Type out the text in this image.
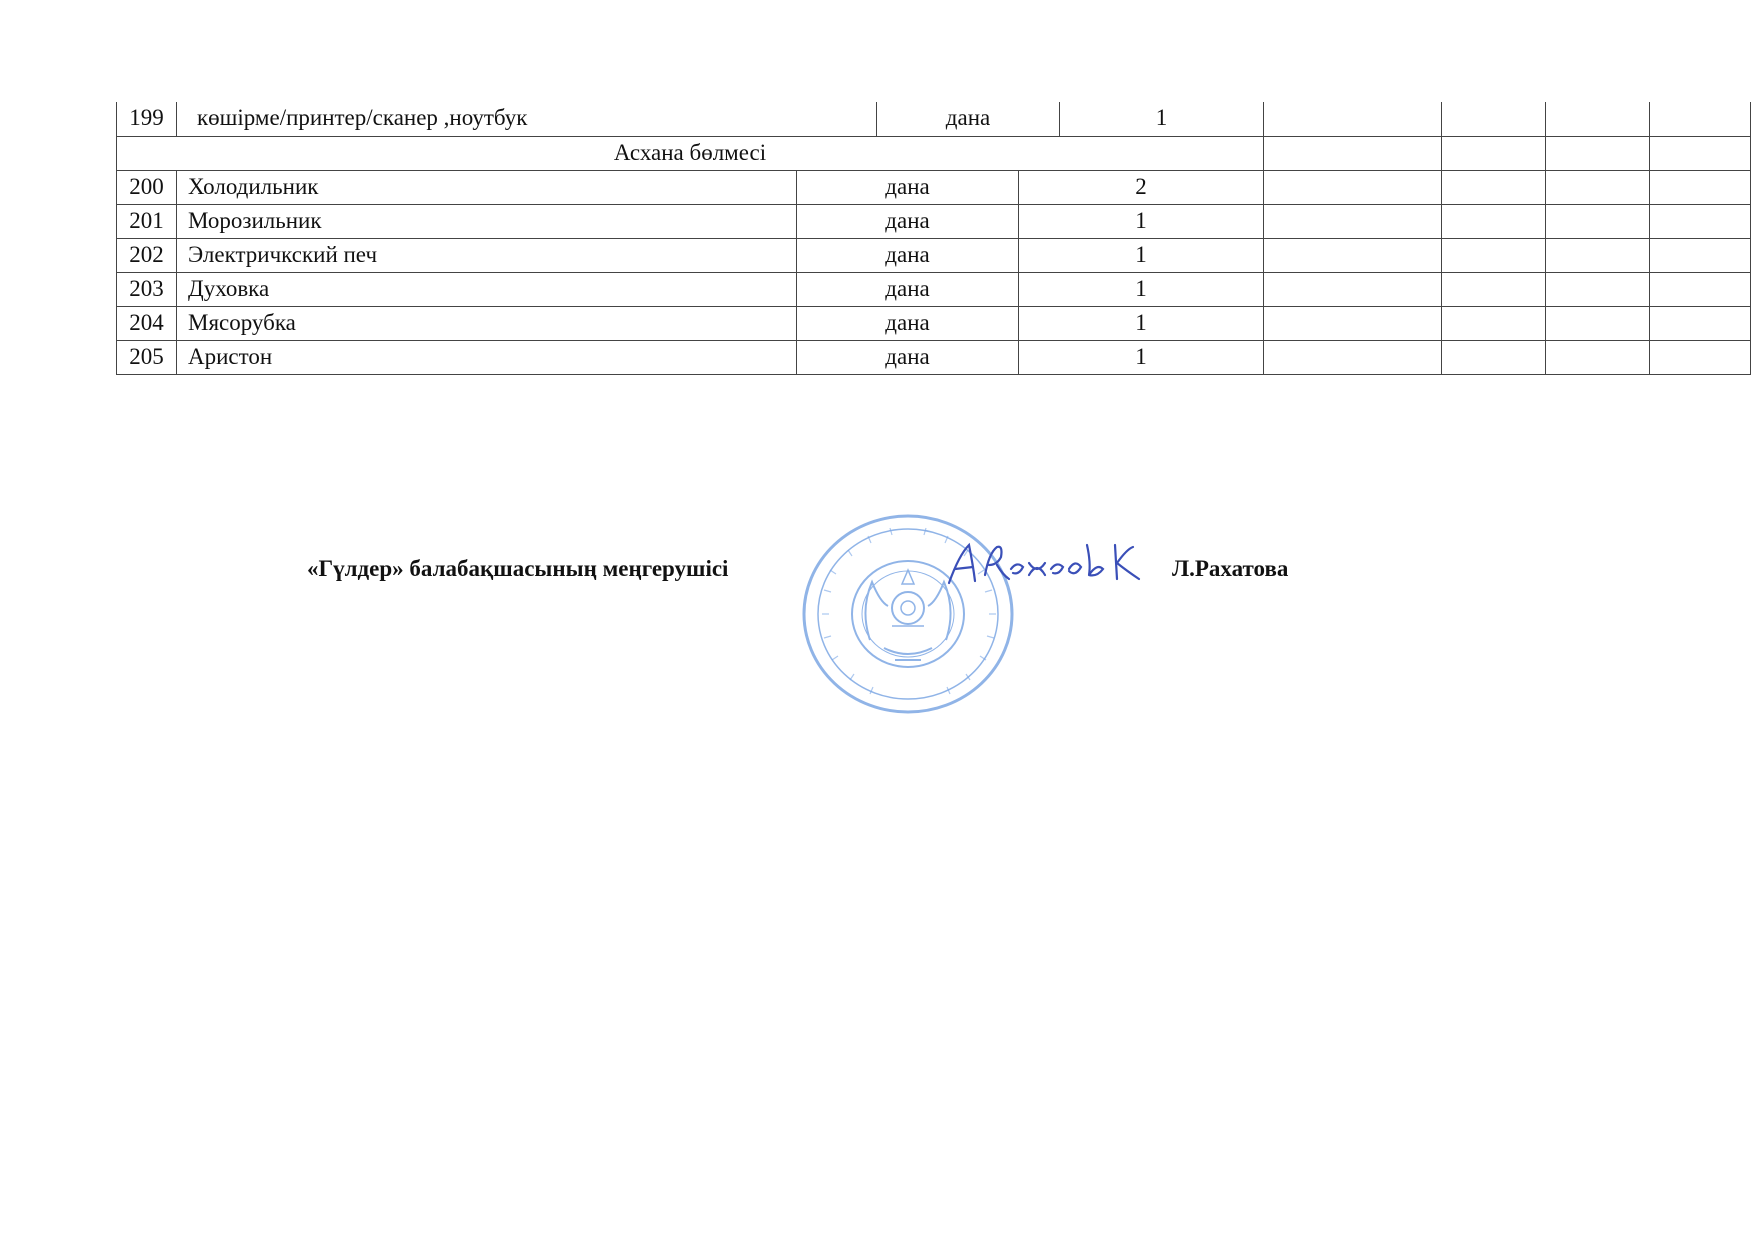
199	көшірме/принтер/сканер ,ноутбук	дана	1
Асхана бөлмесі
200	Холодильник	дана	2
201	Морозильник	дана	1
202	Электричкский печ	дана	1
203	Духовка	дана	1
204	Мясорубка	дана	1
205	Аристон	дана	1
«Гүлдер» балабақшасының меңгерушісі	Л.Рахатова
